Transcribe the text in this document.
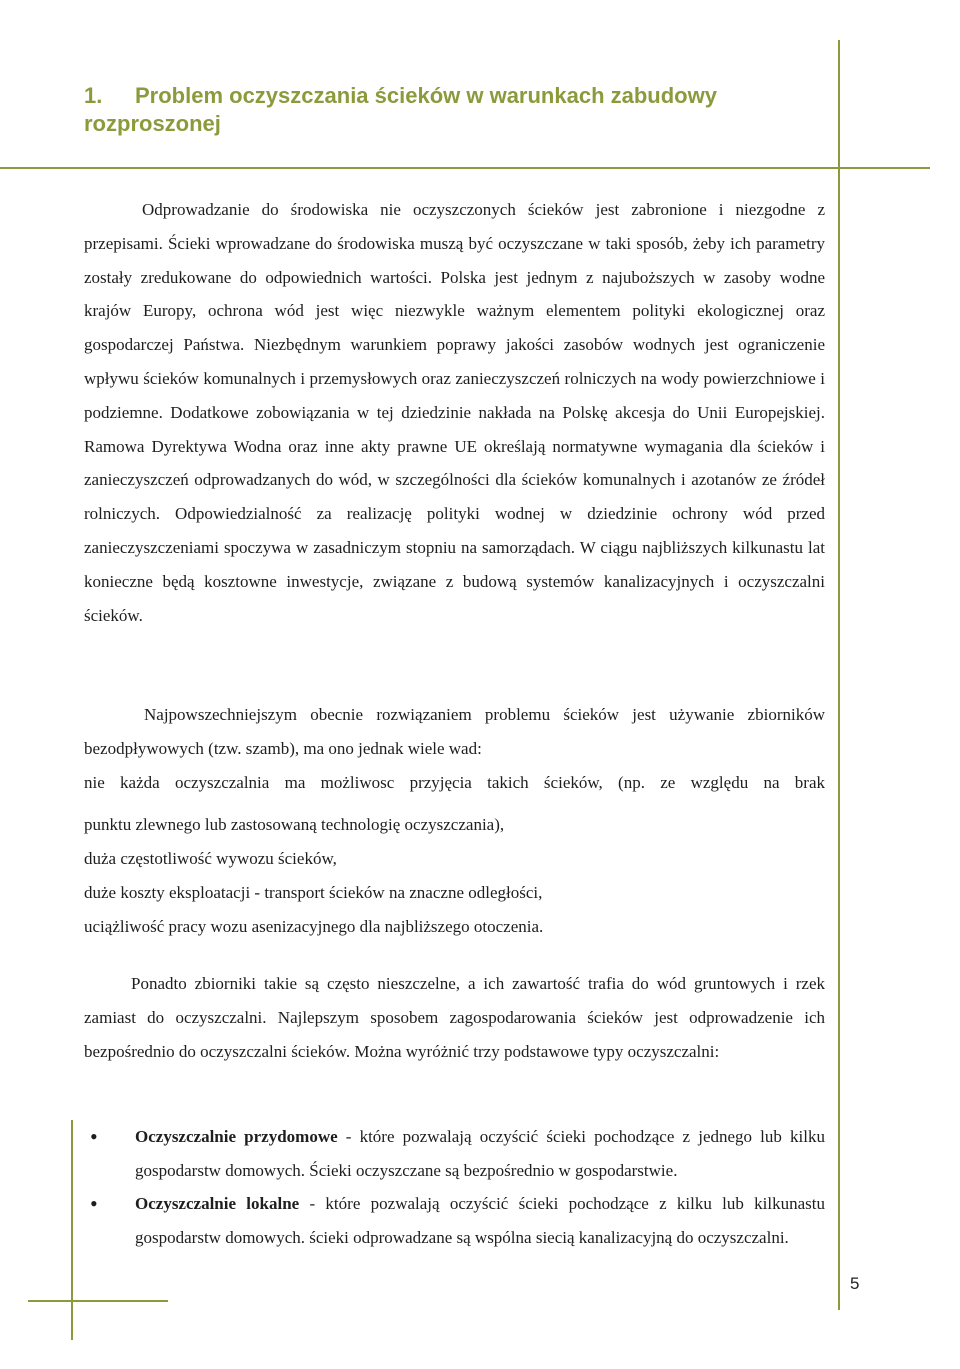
1. Problem oczyszczania ścieków w warunkach zabudowy rozproszonej

Odprowadzanie do środowiska nie oczyszczonych ścieków jest zabronione i niezgodne z przepisami. Ścieki wprowadzane do środowiska muszą być oczyszczane w taki sposób, żeby ich parametry zostały zredukowane do odpowiednich wartości. Polska jest jednym z najuboższych w zasoby wodne krajów Europy, ochrona wód jest więc niezwykle ważnym elementem polityki ekologicznej oraz gospodarczej Państwa. Niezbędnym warunkiem poprawy jakości zasobów wodnych jest ograniczenie wpływu ścieków komunalnych i przemysłowych oraz zanieczyszczeń rolniczych na wody powierzchniowe i podziemne. Dodatkowe zobowiązania w tej dziedzinie nakłada na Polskę akcesja do Unii Europejskiej. Ramowa Dyrektywa Wodna oraz inne akty prawne UE określają normatywne wymagania dla ścieków i zanieczyszczeń odprowadzanych do wód, w szczególności dla ścieków komunalnych i azotanów ze źródeł rolniczych. Odpowiedzialność za realizację polityki wodnej w dziedzinie ochrony wód przed zanieczyszczeniami spoczywa w zasadniczym stopniu na samorządach. W ciągu najbliższych kilkunastu lat konieczne będą kosztowne inwestycje, związane z budową systemów kanalizacyjnych i oczyszczalni ścieków.

Najpowszechniejszym obecnie rozwiązaniem problemu ścieków jest używanie zbiorników bezodpływowych (tzw. szamb), ma ono jednak wiele wad:

nie każda oczyszczalnia ma możliwosc przyjęcia takich ścieków, (np. ze względu na brak

punktu zlewnego lub zastosowaną technologię oczyszczania),

duża częstotliwość wywozu ścieków,

duże koszty eksploatacji - transport ścieków na znaczne odległości,

uciążliwość pracy wozu asenizacyjnego dla najbliższego otoczenia.

Ponadto zbiorniki takie są często nieszczelne, a ich zawartość trafia do wód gruntowych i rzek zamiast do oczyszczalni. Najlepszym sposobem zagospodarowania ścieków jest odprowadzenie ich bezpośrednio do oczyszczalni ścieków. Można wyróżnić trzy podstawowe typy oczyszczalni:

• Oczyszczalnie przydomowe - które pozwalają oczyścić ścieki pochodzące z jednego lub kilku gospodarstw domowych. Ścieki oczyszczane są bezpośrednio w gospodarstwie.
• Oczyszczalnie lokalne - które pozwalają oczyścić ścieki pochodzące z kilku lub kilkunastu gospodarstw domowych. ścieki odprowadzane są wspólna siecią kanalizacyjną do oczyszczalni.
5
